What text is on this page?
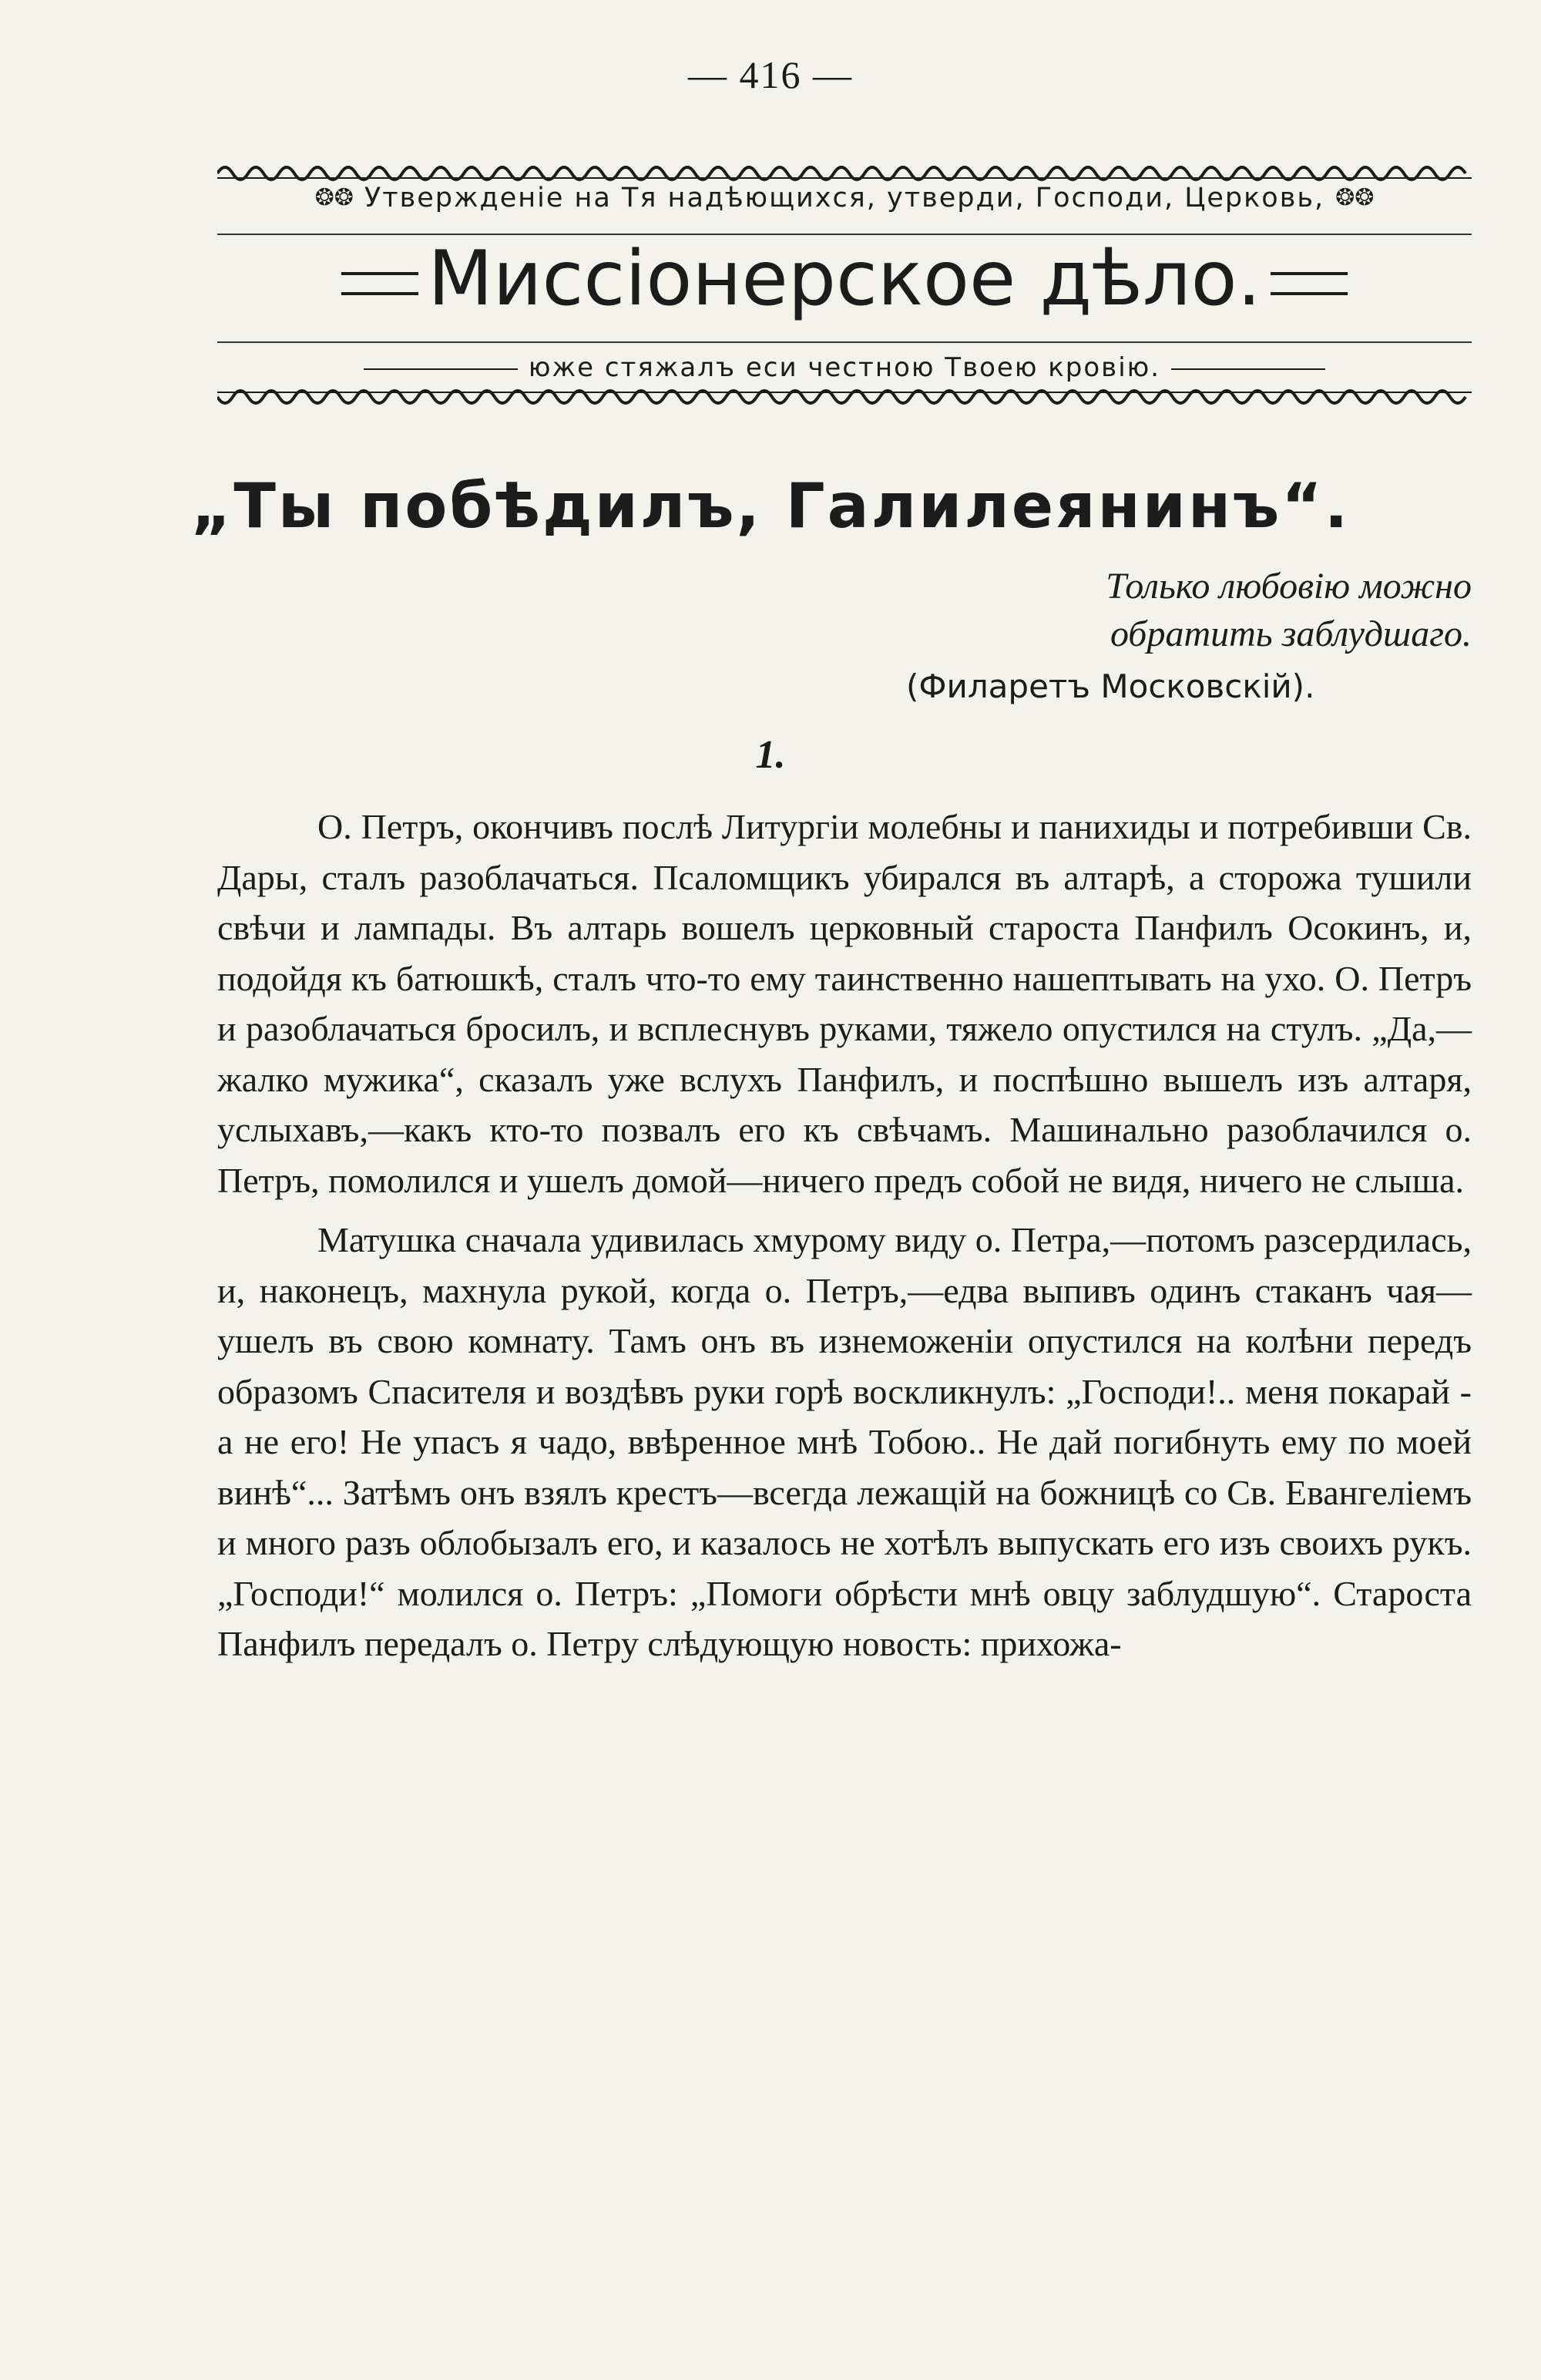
— 416 —
❂❂ Утвержденіе на Тя надѣющихся, утверди, Господи, Церковь, ❂❂
Миссіонерское дѣло.
юже стяжалъ еси честною Твоею кровію.
„Ты побѣдилъ, Галилеянинъ“.
Только любовію можно
обратить заблудшаго.
(Филаретъ Московскій).
1.

О. Петръ, окончивъ послѣ Литургіи молебны и панихиды и потребивши Св. Дары, сталъ разоблачаться. Псаломщикъ убирался въ алтарѣ, а сторожа тушили свѣчи и лампады. Въ алтарь вошелъ церковный староста Панфилъ Осокинъ, и, подойдя къ батюшкѣ, сталъ что-то ему таинственно нашептывать на ухо. О. Петръ и разоблачаться бросилъ, и всплеснувъ руками, тяжело опустился на стулъ. „Да,—жалко мужика“, сказалъ уже вслухъ Панфилъ, и поспѣшно вышелъ изъ алтаря, услыхавъ,—какъ кто-то позвалъ его къ свѣчамъ. Машинально разоблачился о. Петръ, помолился и ушелъ домой—ничего предъ собой не видя, ничего не слыша.

Матушка сначала удивилась хмурому виду о. Петра,—потомъ разсердилась, и, наконецъ, махнула рукой, когда о. Петръ,—едва выпивъ одинъ стаканъ чая—ушелъ въ свою комнату. Тамъ онъ въ изнеможеніи опустился на колѣни передъ образомъ Спасителя и воздѣвъ руки горѣ воскликнулъ: „Господи!.. меня покарай - а не его! Не упасъ я чадо, ввѣренное мнѣ Тобою.. Не дай погибнуть ему по моей винѣ“... Затѣмъ онъ взялъ крестъ—всегда лежащій на божницѣ со Св. Евангеліемъ и много разъ облобызалъ его, и казалось не хотѣлъ выпускать его изъ своихъ рукъ. „Господи!“ молился о. Петръ: „Помоги обрѣсти мнѣ овцу заблудшую“. Староста Панфилъ передалъ о. Петру слѣдующую новость: прихожа-
